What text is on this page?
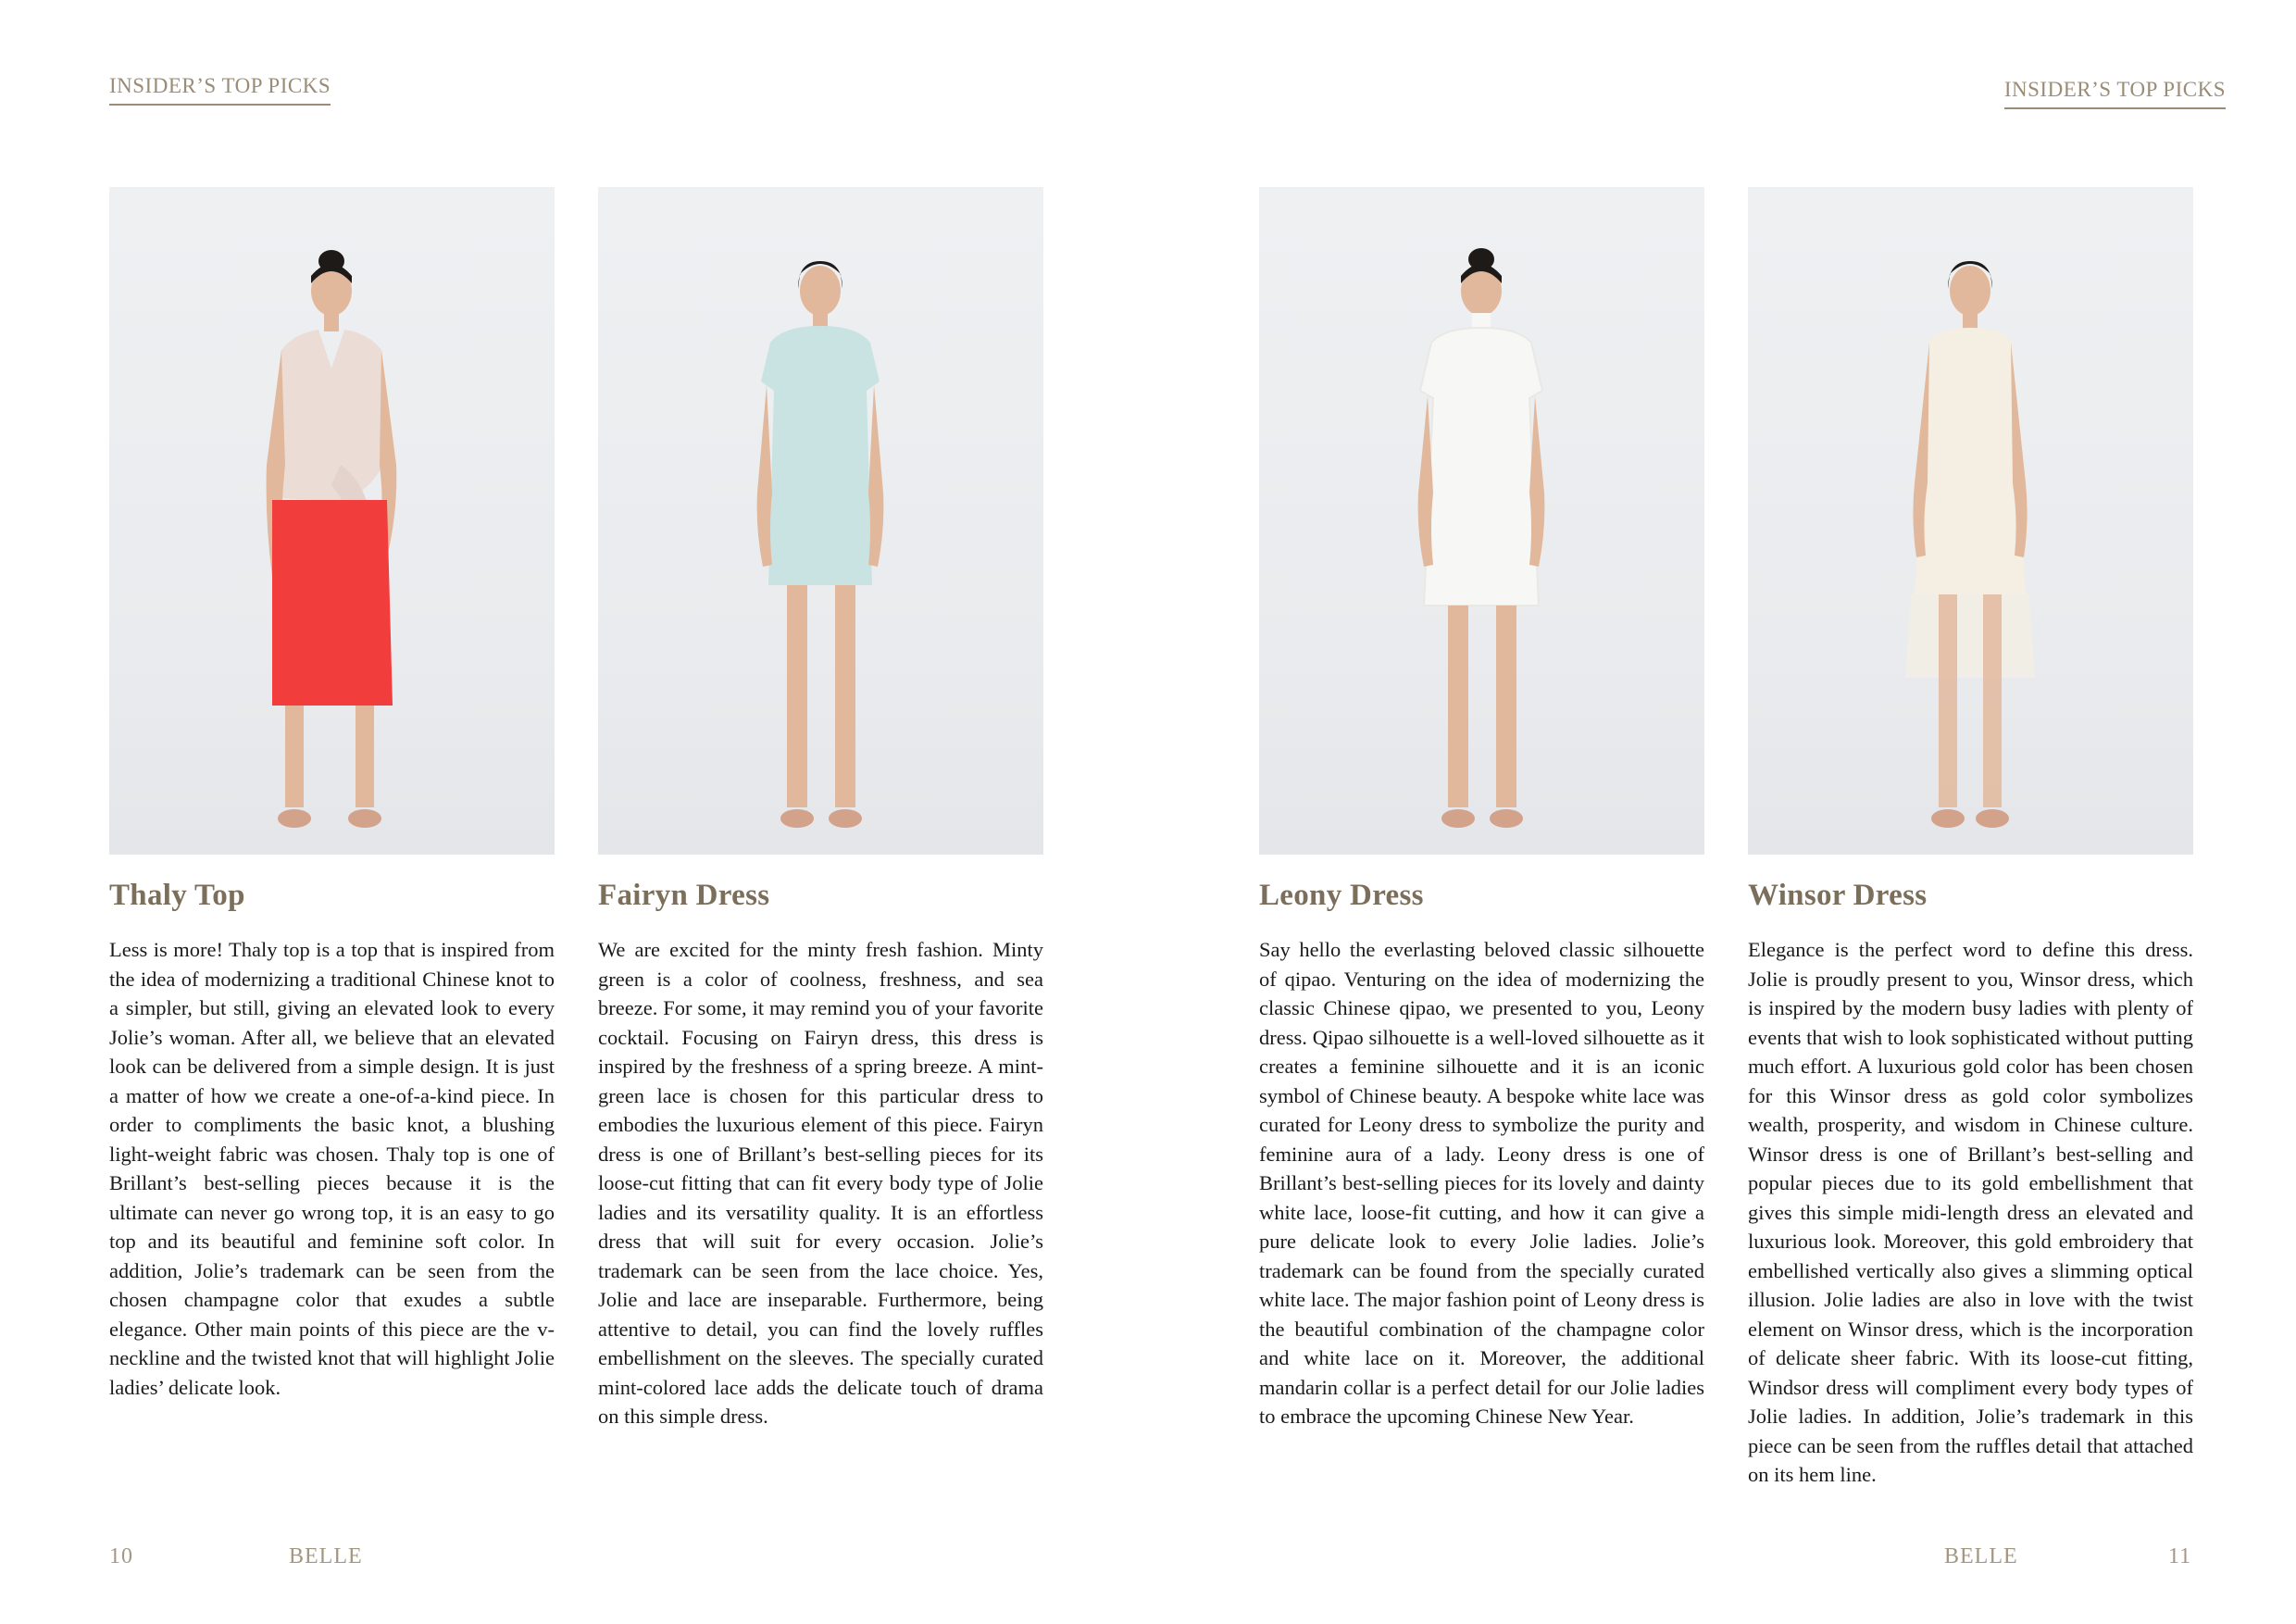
INSIDER’S TOP PICKS
Thaly Top
Less is more! Thaly top is a top that is inspired from the idea of modernizing a traditional Chinese knot to a simpler, but still, giving an elevated look to every Jolie’s woman. After all, we believe that an elevated look can be delivered from a simple design. It is just a matter of how we create a one-of-a-kind piece. In order to compliments the basic knot, a blushing light-weight fabric was chosen. Thaly top is one of Brillant’s best-selling pieces because it is the ultimate can never go wrong top, it is an easy to go top and its beautiful and feminine soft color. In addition, Jolie’s trademark can be seen from the chosen champagne color that exudes a subtle elegance. Other main points of this piece are the v-neckline and the twisted knot that will highlight Jolie ladies’ delicate look.
Fairyn Dress
We are excited for the minty fresh fashion. Minty green is a color of coolness, freshness, and sea breeze. For some, it may remind you of your favorite cocktail. Focusing on Fairyn dress, this dress is inspired by the freshness of a spring breeze. A mint-green lace is chosen for this particular dress to embodies the luxurious element of this piece. Fairyn dress is one of Brillant’s best-selling pieces for its loose-cut fitting that can fit every body type of Jolie ladies and its versatility quality. It is an effortless dress that will suit for every occasion. Jolie’s trademark can be seen from the lace choice. Yes, Jolie and lace are inseparable. Furthermore, being attentive to detail, you can find the lovely ruffles embellishment on the sleeves. The specially curated mint-colored lace adds the delicate touch of drama on this simple dress.
10	BELLE
INSIDER’S TOP PICKS
Leony Dress
Say hello the everlasting beloved classic silhouette of qipao. Venturing on the idea of modernizing the classic Chinese qipao, we presented to you, Leony dress. Qipao silhouette is a well-loved silhouette as it creates a feminine silhouette and it is an iconic symbol of Chinese beauty. A bespoke white lace was curated for Leony dress to symbolize the purity and feminine aura of a lady. Leony dress is one of Brillant’s best-selling pieces for its lovely and dainty white lace, loose-fit cutting, and how it can give a pure delicate look to every Jolie ladies. Jolie’s trademark can be found from the specially curated white lace. The major fashion point of Leony dress is the beautiful combination of the champagne color and white lace on it. Moreover, the additional mandarin collar is a perfect detail for our Jolie ladies to embrace the upcoming Chinese New Year.
Winsor Dress
Elegance is the perfect word to define this dress. Jolie is proudly present to you, Winsor dress, which is inspired by the modern busy ladies with plenty of events that wish to look sophisticated without putting much effort. A luxurious gold color has been chosen for this Winsor dress as gold color symbolizes wealth, prosperity, and wisdom in Chinese culture. Winsor dress is one of Brillant’s best-selling and popular pieces due to its gold embellishment that gives this simple midi-length dress an elevated and luxurious look. Moreover, this gold embroidery that embellished vertically also gives a slimming optical illusion. Jolie ladies are also in love with the twist element on Winsor dress, which is the incorporation of delicate sheer fabric. With its loose-cut fitting, Windsor dress will compliment every body types of Jolie ladies. In addition, Jolie’s trademark in this piece can be seen from the ruffles detail that attached on its hem line.
BELLE	11
